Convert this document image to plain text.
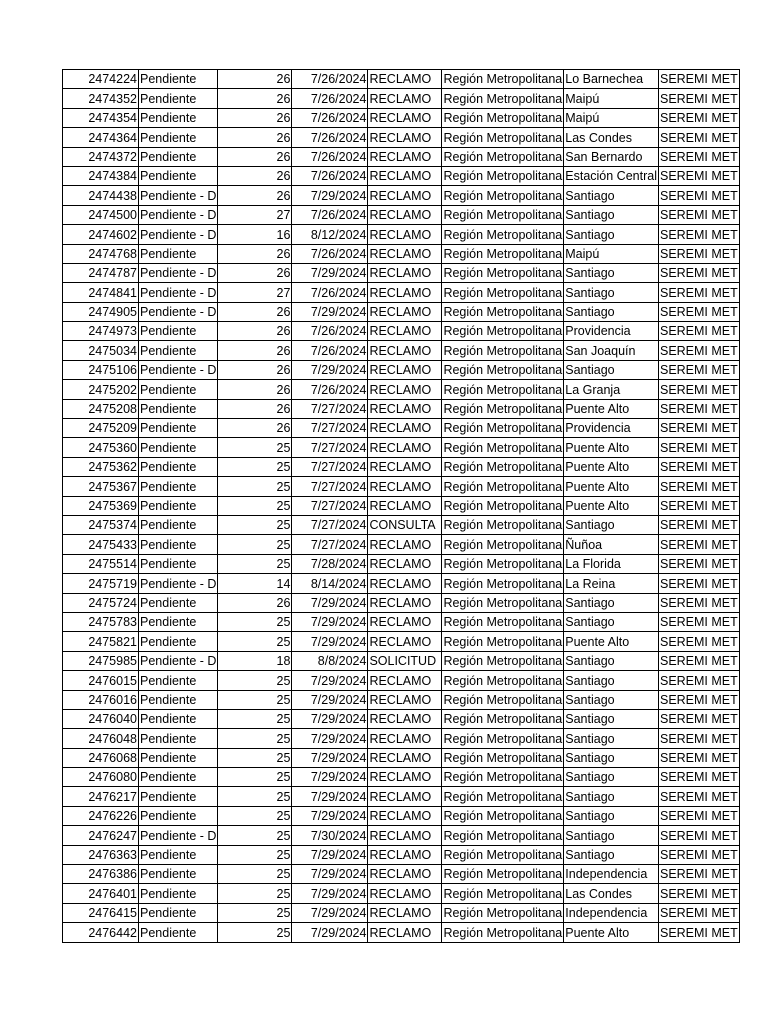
2474224	Pendiente	26	7/26/2024	RECLAMO	Región Metropolitana	Lo Barnechea	SEREMI MET
2474352	Pendiente	26	7/26/2024	RECLAMO	Región Metropolitana	Maipú	SEREMI MET
2474354	Pendiente	26	7/26/2024	RECLAMO	Región Metropolitana	Maipú	SEREMI MET
2474364	Pendiente	26	7/26/2024	RECLAMO	Región Metropolitana	Las Condes	SEREMI MET
2474372	Pendiente	26	7/26/2024	RECLAMO	Región Metropolitana	San Bernardo	SEREMI MET
2474384	Pendiente	26	7/26/2024	RECLAMO	Región Metropolitana	Estación Central	SEREMI MET
2474438	Pendiente - D	26	7/29/2024	RECLAMO	Región Metropolitana	Santiago	SEREMI MET
2474500	Pendiente - D	27	7/26/2024	RECLAMO	Región Metropolitana	Santiago	SEREMI MET
2474602	Pendiente - D	16	8/12/2024	RECLAMO	Región Metropolitana	Santiago	SEREMI MET
2474768	Pendiente	26	7/26/2024	RECLAMO	Región Metropolitana	Maipú	SEREMI MET
2474787	Pendiente - D	26	7/29/2024	RECLAMO	Región Metropolitana	Santiago	SEREMI MET
2474841	Pendiente - D	27	7/26/2024	RECLAMO	Región Metropolitana	Santiago	SEREMI MET
2474905	Pendiente - D	26	7/29/2024	RECLAMO	Región Metropolitana	Santiago	SEREMI MET
2474973	Pendiente	26	7/26/2024	RECLAMO	Región Metropolitana	Providencia	SEREMI MET
2475034	Pendiente	26	7/26/2024	RECLAMO	Región Metropolitana	San Joaquín	SEREMI MET
2475106	Pendiente - D	26	7/29/2024	RECLAMO	Región Metropolitana	Santiago	SEREMI MET
2475202	Pendiente	26	7/26/2024	RECLAMO	Región Metropolitana	La Granja	SEREMI MET
2475208	Pendiente	26	7/27/2024	RECLAMO	Región Metropolitana	Puente Alto	SEREMI MET
2475209	Pendiente	26	7/27/2024	RECLAMO	Región Metropolitana	Providencia	SEREMI MET
2475360	Pendiente	25	7/27/2024	RECLAMO	Región Metropolitana	Puente Alto	SEREMI MET
2475362	Pendiente	25	7/27/2024	RECLAMO	Región Metropolitana	Puente Alto	SEREMI MET
2475367	Pendiente	25	7/27/2024	RECLAMO	Región Metropolitana	Puente Alto	SEREMI MET
2475369	Pendiente	25	7/27/2024	RECLAMO	Región Metropolitana	Puente Alto	SEREMI MET
2475374	Pendiente	25	7/27/2024	CONSULTA	Región Metropolitana	Santiago	SEREMI MET
2475433	Pendiente	25	7/27/2024	RECLAMO	Región Metropolitana	Ñuñoa	SEREMI MET
2475514	Pendiente	25	7/28/2024	RECLAMO	Región Metropolitana	La Florida	SEREMI MET
2475719	Pendiente - D	14	8/14/2024	RECLAMO	Región Metropolitana	La Reina	SEREMI MET
2475724	Pendiente	26	7/29/2024	RECLAMO	Región Metropolitana	Santiago	SEREMI MET
2475783	Pendiente	25	7/29/2024	RECLAMO	Región Metropolitana	Santiago	SEREMI MET
2475821	Pendiente	25	7/29/2024	RECLAMO	Región Metropolitana	Puente Alto	SEREMI MET
2475985	Pendiente - D	18	8/8/2024	SOLICITUD	Región Metropolitana	Santiago	SEREMI MET
2476015	Pendiente	25	7/29/2024	RECLAMO	Región Metropolitana	Santiago	SEREMI MET
2476016	Pendiente	25	7/29/2024	RECLAMO	Región Metropolitana	Santiago	SEREMI MET
2476040	Pendiente	25	7/29/2024	RECLAMO	Región Metropolitana	Santiago	SEREMI MET
2476048	Pendiente	25	7/29/2024	RECLAMO	Región Metropolitana	Santiago	SEREMI MET
2476068	Pendiente	25	7/29/2024	RECLAMO	Región Metropolitana	Santiago	SEREMI MET
2476080	Pendiente	25	7/29/2024	RECLAMO	Región Metropolitana	Santiago	SEREMI MET
2476217	Pendiente	25	7/29/2024	RECLAMO	Región Metropolitana	Santiago	SEREMI MET
2476226	Pendiente	25	7/29/2024	RECLAMO	Región Metropolitana	Santiago	SEREMI MET
2476247	Pendiente - D	25	7/30/2024	RECLAMO	Región Metropolitana	Santiago	SEREMI MET
2476363	Pendiente	25	7/29/2024	RECLAMO	Región Metropolitana	Santiago	SEREMI MET
2476386	Pendiente	25	7/29/2024	RECLAMO	Región Metropolitana	Independencia	SEREMI MET
2476401	Pendiente	25	7/29/2024	RECLAMO	Región Metropolitana	Las Condes	SEREMI MET
2476415	Pendiente	25	7/29/2024	RECLAMO	Región Metropolitana	Independencia	SEREMI MET
2476442	Pendiente	25	7/29/2024	RECLAMO	Región Metropolitana	Puente Alto	SEREMI MET
